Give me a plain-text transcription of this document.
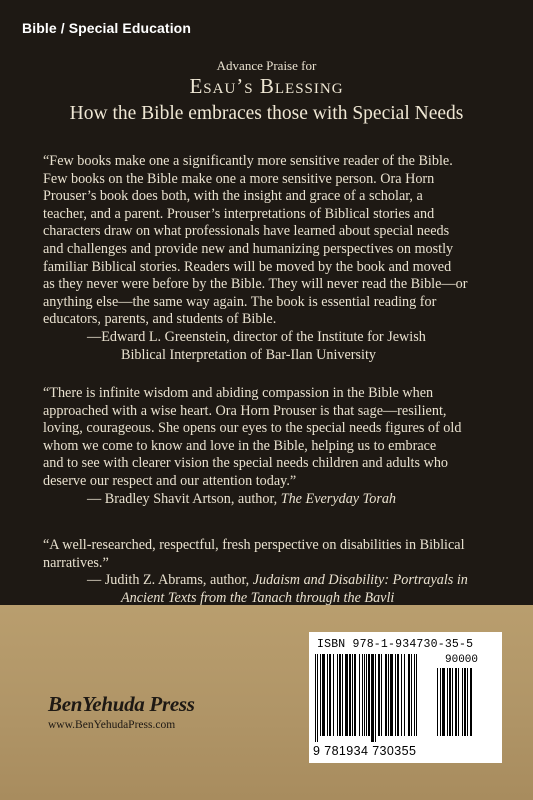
Bible / Special Education
Advance Praise for
Esau’s Blessing
How the Bible embraces those with Special Needs

“Few books make one a significantly more sensitive reader of the Bible.

Few books on the Bible make one a more sensitive person. Ora Horn

Prouser’s book does both, with the insight and grace of a scholar, a

teacher, and a parent. Prouser’s interpretations of Biblical stories and

characters draw on what professionals have learned about special needs

and challenges and provide new and humanizing perspectives on mostly

familiar Biblical stories. Readers will be moved by the book and moved

as they never were before by the Bible. They will never read the Bible—or

anything else—the same way again. The book is essential reading for

educators, parents, and students of Bible.

—Edward L. Greenstein, director of the Institute for Jewish
Biblical Interpretation of Bar-Ilan University

“There is infinite wisdom and abiding compassion in the Bible when

approached with a wise heart. Ora Horn Prouser is that sage—resilient,

loving, courageous. She opens our eyes to the special needs figures of old

whom we come to know and love in the Bible, helping us to embrace

and to see with clearer vision the special needs children and adults who

deserve our respect and our attention today.”

— Bradley Shavit Artson, author, The Everyday Torah

“A well-researched, respectful, fresh perspective on disabilities in Biblical

narratives.”

— Judith Z. Abrams, author, Judaism and Disability: Portrayals in
Ancient Texts from the Tanach through the Bavli
BenYehuda Press
www.BenYehudaPress.com
ISBN 978-1-934730-35-5
90000
9 781934 730355
